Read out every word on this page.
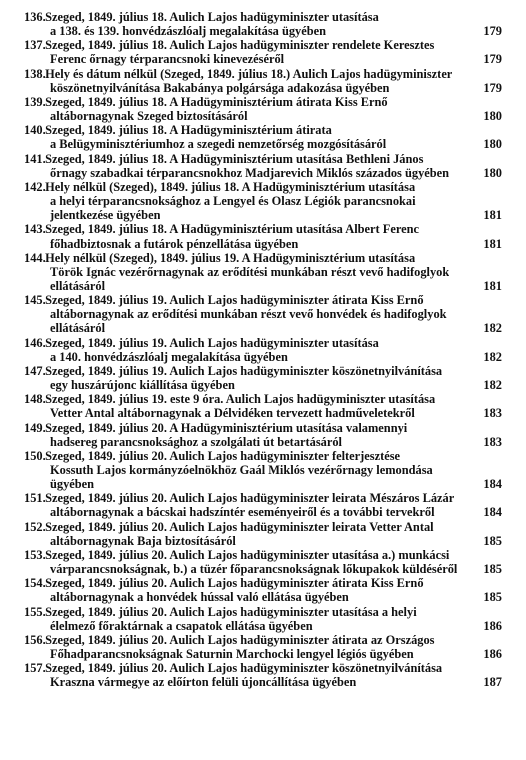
136. Szeged, 1849. július 18. Aulich Lajos hadügyminiszter utasítása
a 138. és 139. honvédzászlóalj megalakítása ügyében	179
137. Szeged, 1849. július 18. Aulich Lajos hadügyminiszter rendelete Keresztes
Ferenc őrnagy térparancsnoki kinevezéséről	179
138. Hely és dátum nélkül (Szeged, 1849. július 18.) Aulich Lajos hadügyminiszter
köszönetnyilvánítása Bakabánya polgársága adakozása ügyében	179
139. Szeged, 1849. július 18. A Hadügyminisztérium átirata Kiss Ernő
altábornagynak Szeged biztosításáról	180
140. Szeged, 1849. július 18. A Hadügyminisztérium átirata
a Belügyminisztériumhoz a szegedi nemzetőrség mozgósításáról	180
141. Szeged, 1849. július 18. A Hadügyminisztérium utasítása Bethleni János
őrnagy szabadkai térparancsnokhoz Madjarevich Miklós százados ügyében	180
142. Hely nélkül (Szeged), 1849. július 18. A Hadügyminisztérium utasítása
a helyi térparancsnoksághoz a Lengyel és Olasz Légiók parancsnokai
jelentkezése ügyében	181
143. Szeged, 1849. július 18. A Hadügyminisztérium utasítása Albert Ferenc
főhadbiztosnak a futárok pénzellátása ügyében	181
144. Hely nélkül (Szeged), 1849. július 19. A Hadügyminisztérium utasítása
Török Ignác vezérőrnagynak az erődítési munkában részt vevő hadifoglyok
ellátásáról	181
145. Szeged, 1849. július 19. Aulich Lajos hadügyminiszter átirata Kiss Ernő
altábornagynak az erődítési munkában részt vevő honvédek és hadifoglyok
ellátásáról	182
146. Szeged, 1849. július 19. Aulich Lajos hadügyminiszter utasítása
a 140. honvédzászlóalj megalakítása ügyében	182
147. Szeged, 1849. július 19. Aulich Lajos hadügyminiszter köszönetnyilvánítása
egy huszárújonc kiállítása ügyében	182
148. Szeged, 1849. július 19. este 9 óra. Aulich Lajos hadügyminiszter utasítása
Vetter Antal altábornagynak a Délvidéken tervezett hadműveletekről	183
149. Szeged, 1849. július 20. A Hadügyminisztérium utasítása valamennyi
hadsereg parancsnoksághoz a szolgálati út betartásáról	183
150. Szeged, 1849. július 20. Aulich Lajos hadügyminiszter felterjesztése
Kossuth Lajos kormányzóelnökhöz Gaál Miklós vezérőrnagy lemondása
ügyében	184
151. Szeged, 1849. július 20. Aulich Lajos hadügyminiszter leirata Mészáros Lázár
altábornagynak a bácskai hadszíntér eseményeiről és a további tervekről	184
152. Szeged, 1849. július 20. Aulich Lajos hadügyminiszter leirata Vetter Antal
altábornagynak Baja biztosításáról	185
153. Szeged, 1849. július 20. Aulich Lajos hadügyminiszter utasítása a.) munkácsi
várparancsnokságnak, b.) a tüzér főparancsnokságnak lőkupakok küldéséről	185
154. Szeged, 1849. július 20. Aulich Lajos hadügyminiszter átirata Kiss Ernő
altábornagynak a honvédek hússal való ellátása ügyében	185
155. Szeged, 1849. július 20. Aulich Lajos hadügyminiszter utasítása a helyi
élelmező főraktárnak a csapatok ellátása ügyében	186
156. Szeged, 1849. július 20. Aulich Lajos hadügyminiszter átirata az Országos
Főhadparancsnokságnak Saturnin Marchocki lengyel légiós ügyében	186
157. Szeged, 1849. július 20. Aulich Lajos hadügyminiszter köszönetnyilvánítása
Kraszna vármegye az előírton felüli újoncállítása ügyében	187
